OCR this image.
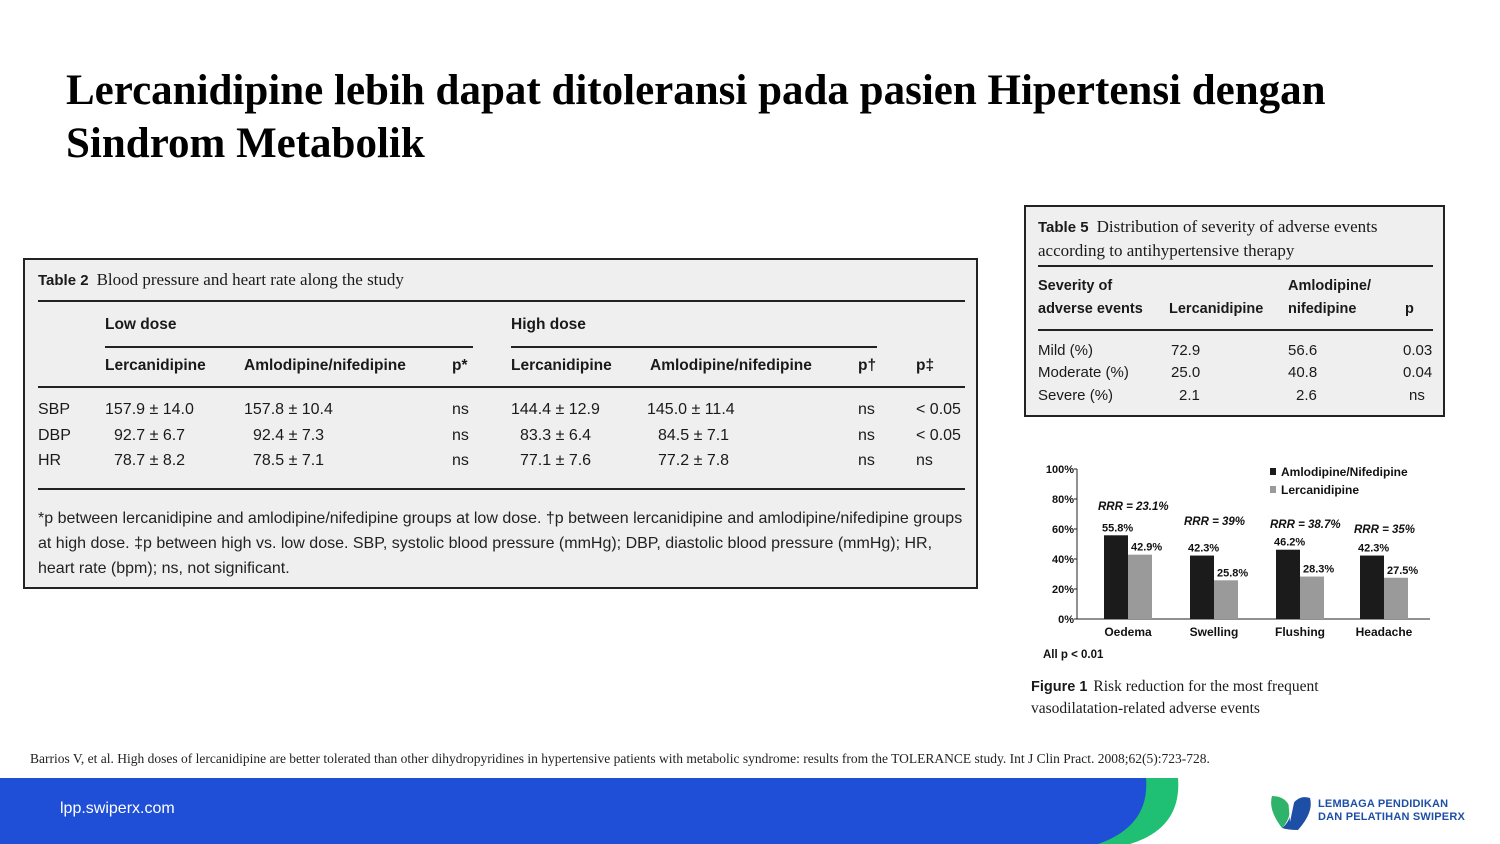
Lercanidipine lebih dapat ditoleransi pada pasien Hipertensi dengan Sindrom Metabolik
Table 2 Blood pressure and heart rate along the study
Low dose	High dose
Lercanidipine Amlodipine/nifedipine	p*	Lercanidipine Amlodipine/nifedipine	p†	p‡
SBP 157.9 ± 14.0	157.8 ± 10.4	ns	144.4 ± 12.9	145.0 ± 11.4	ns	< 0.05
DBP	92.7 ± 6.7	92.4 ± 7.3	ns	83.3 ± 6.4	84.5 ± 7.1	ns	< 0.05
HR	78.7 ± 8.2	78.5 ± 7.1	ns	77.1 ± 7.6	77.2 ± 7.8	ns	ns
*p between lercanidipine and amlodipine/nifedipine groups at low dose. †p between lercanidipine and amlodipine/nifedipine groups at high dose. ‡p between high vs. low dose. SBP, systolic blood pressure (mmHg); DBP, diastolic blood pressure (mmHg); HR, heart rate (bpm); ns, not significant.
Table 5 Distribution of severity of adverse events
according to antihypertensive therapy
Severity of
adverse events Lercanidipine
Amlodipine/
nifedipine	p
Mild (%)	72.9	56.6	0.03
Moderate (%)	25.0	40.8	0.04
Severe (%)	2.1	2.6	ns
0%
20%
40%
60%
80%
100%
55.8%
42.9%
Oedema
RRR = 23.1%
42.3%
25.8%
Swelling
RRR = 39%
46.2%
28.3%
Flushing
RRR = 38.7%
42.3%
27.5%
Headache
RRR = 35%
All p < 0.01
Amlodipine/Nifedipine
Lercanidipine
Figure 1 Risk reduction for the most frequent
vasodilatation-related adverse events
Barrios V, et al. High doses of lercanidipine are better tolerated than other dihydropyridines in hypertensive patients with metabolic syndrome: results from the TOLERANCE study. Int J Clin Pract. 2008;62(5):723-728.
lpp.swiperx.com	LEMBAGA PENDIDIKAN
DAN PELATIHAN SWIPERX
